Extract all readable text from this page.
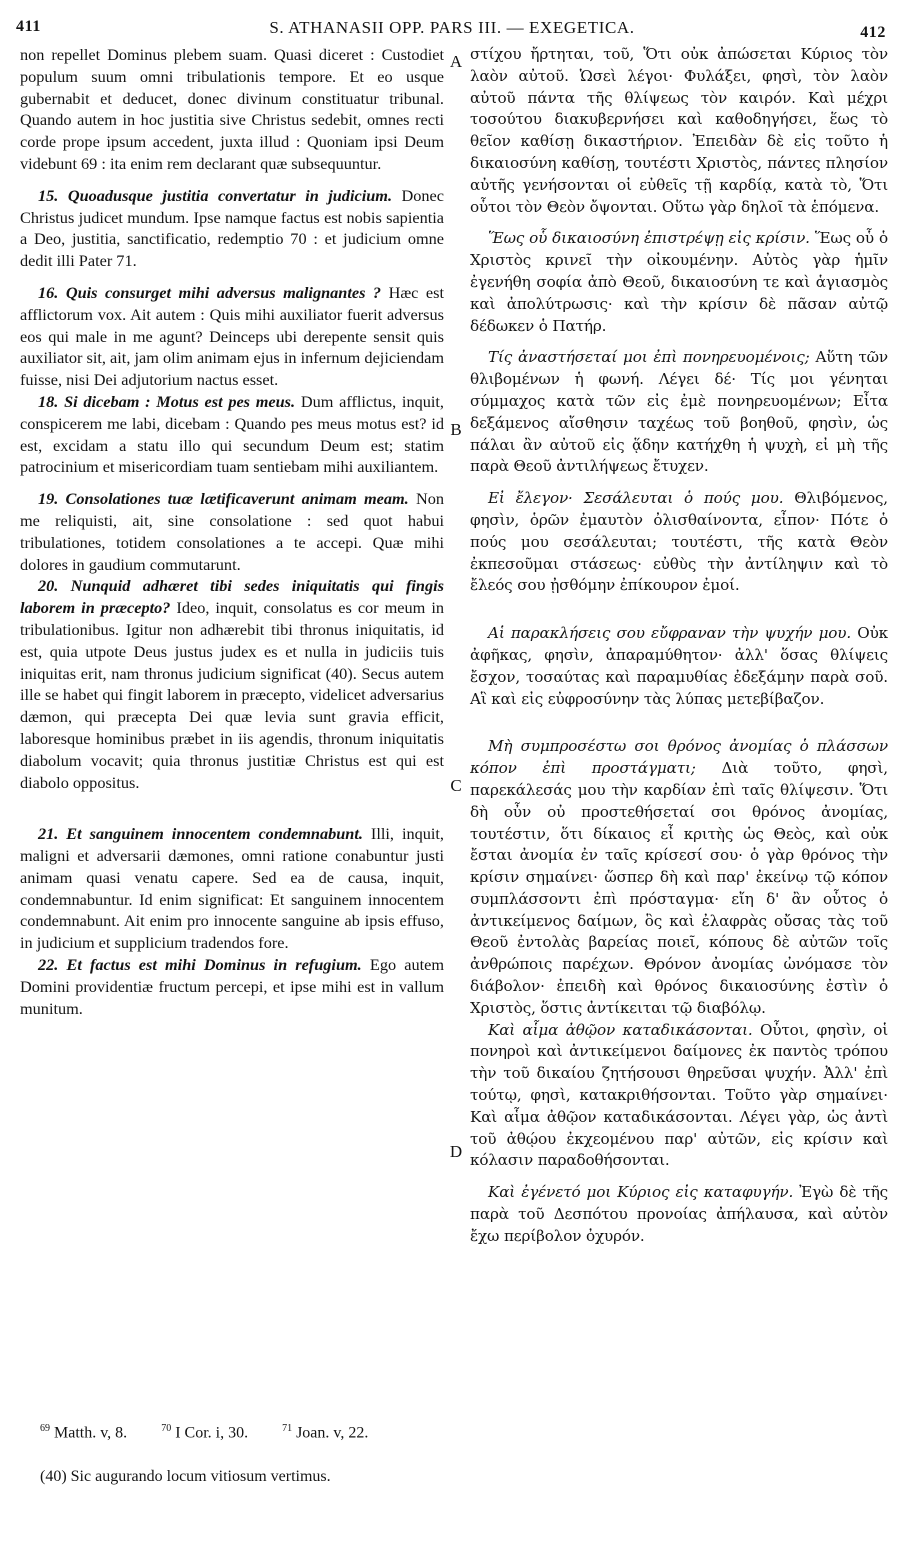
411	S. ATHANASII OPP. PARS III. — EXEGETICA.	412

non repellet Dominus plebem suam. Quasi diceret : Custodiet populum suum omni tribulationis tempore. Et eo usque gubernabit et deducet, donec divinum constituatur tribunal. Quando autem in hoc justitia sive Christus sedebit, omnes recti corde prope ipsum accedent, juxta illud : Quoniam ipsi Deum videbunt 69 : ita enim rem declarant quæ subsequuntur.

15. Quoadusque justitia convertatur in judicium. Donec Christus judicet mundum. Ipse namque factus est nobis sapientia a Deo, justitia, sanctificatio, redemptio 70 : et judicium omne dedit illi Pater 71.

16. Quis consurget mihi adversus malignantes ? Hæc est afflictorum vox. Ait autem : Quis mihi auxiliator fuerit adversus eos qui male in me agunt? Deinceps ubi derepente sensit quis auxiliator sit, ait, jam olim animam ejus in infernum dejiciendam fuisse, nisi Dei adjutorium nactus esset.

18. Si dicebam : Motus est pes meus. Dum afflictus, inquit, conspicerem me labi, dicebam : Quando pes meus motus est? id est, excidam a statu illo qui secundum Deum est; statim patrocinium et misericordiam tuam sentiebam mihi auxiliantem.

19. Consolationes tuæ lætificaverunt animam meam. Non me reliquisti, ait, sine consolatione : sed quot habui tribulationes, totidem consolationes a te accepi. Quæ mihi dolores in gaudium commutarunt.

20. Nunquid adhæret tibi sedes iniquitatis qui fingis laborem in præcepto? Ideo, inquit, consolatus es cor meum in tribulationibus. Igitur non adhærebit tibi thronus iniquitatis, id est, quia utpote Deus justus judex es et nulla in judiciis tuis iniquitas erit, nam thronus judicium significat (40). Secus autem ille se habet qui fingit laborem in præcepto, videlicet adversarius dæmon, qui præcepta Dei quæ levia sunt gravia efficit, laboresque hominibus præbet in iis agendis, thronum iniquitatis diabolum vocavit; quia thronus justitiæ Christus est qui est diabolo oppositus.

21. Et sanguinem innocentem condemnabunt. Illi, inquit, maligni et adversarii dæmones, omni ratione conabuntur justi animam quasi venatu capere. Sed ea de causa, inquit, condemnabuntur. Id enim significat: Et sanguinem innocentem condemnabunt. Ait enim pro innocente sanguine ab ipsis effuso, in judicium et supplicium tradendos fore.

22. Et factus est mihi Dominus in refugium. Ego autem Domini providentiæ fructum percepi, et ipse mihi est in vallum munitum.

A
B
C
D

στίχου ἤρτηται, τοῦ, Ὅτι οὐκ ἀπώσεται Κύριος τὸν λαὸν αὐτοῦ. Ὡσεὶ λέγοι· Φυλάξει, φησὶ, τὸν λαὸν αὐτοῦ πάντα τῆς θλίψεως τὸν καιρόν. Καὶ μέχρι τοσούτου διακυβερνήσει καὶ καθοδηγήσει, ἕως τὸ θεῖον καθίσῃ δικαστήριον. Ἐπειδὰν δὲ εἰς τοῦτο ἡ δικαιοσύνη καθίσῃ, τουτέστι Χριστὸς, πάντες πλησίον αὐτῆς γενήσονται οἱ εὐθεῖς τῇ καρδίᾳ, κατὰ τὸ, Ὅτι οὗτοι τὸν Θεὸν ὄψονται. Οὕτω γὰρ δηλοῖ τὰ ἑπόμενα.

Ἕως οὗ δικαιοσύνη ἐπιστρέψῃ εἰς κρίσιν. Ἕως οὗ ὁ Χριστὸς κρινεῖ τὴν οἰκουμένην. Αὐτὸς γὰρ ἡμῖν ἐγενήθη σοφία ἀπὸ Θεοῦ, δικαιοσύνη τε καὶ ἁγιασμὸς καὶ ἀπολύτρωσις· καὶ τὴν κρίσιν δὲ πᾶσαν αὐτῷ δέδωκεν ὁ Πατήρ.

Τίς ἀναστήσεταί μοι ἐπὶ πονηρευομένοις; Αὕτη τῶν θλιβομένων ἡ φωνή. Λέγει δέ· Τίς μοι γένηται σύμμαχος κατὰ τῶν εἰς ἐμὲ πονηρευομένων; Εἶτα δεξάμενος αἴσθησιν ταχέως τοῦ βοηθοῦ, φησὶν, ὡς πάλαι ἂν αὐτοῦ εἰς ᾅδην κατήχθη ἡ ψυχὴ, εἰ μὴ τῆς παρὰ Θεοῦ ἀντιλήψεως ἔτυχεν.

Εἰ ἔλεγον· Σεσάλευται ὁ πούς μου. Θλιβόμενος, φησὶν, ὁρῶν ἐμαυτὸν ὀλισθαίνοντα, εἶπον· Πότε ὁ πούς μου σεσάλευται; τουτέστι, τῆς κατὰ Θεὸν ἐκπεσοῦμαι στάσεως· εὐθὺς τὴν ἀντίληψιν καὶ τὸ ἔλεός σου ᾐσθόμην ἐπίκουρον ἐμοί.

Αἱ παρακλήσεις σου εὔφραναν τὴν ψυχήν μου. Οὐκ ἀφῆκας, φησὶν, ἀπαραμύθητον· ἀλλ' ὅσας θλίψεις ἔσχον, τοσαύτας καὶ παραμυθίας ἐδεξάμην παρὰ σοῦ. Αἳ καὶ εἰς εὐφροσύνην τὰς λύπας μετεβίβαζον.

Μὴ συμπροσέστω σοι θρόνος ἀνομίας ὁ πλάσσων κόπον ἐπὶ προστάγματι; Διὰ τοῦτο, φησὶ, παρεκάλεσάς μου τὴν καρδίαν ἐπὶ ταῖς θλίψεσιν. Ὅτι δὴ οὖν οὐ προστεθήσεταί σοι θρόνος ἀνομίας, τουτέστιν, ὅτι δίκαιος εἶ κριτὴς ὡς Θεὸς, καὶ οὐκ ἔσται ἀνομία ἐν ταῖς κρίσεσί σου· ὁ γὰρ θρόνος τὴν κρίσιν σημαίνει· ὥσπερ δὴ καὶ παρ' ἐκείνῳ τῷ κόπον συμπλάσσοντι ἐπὶ πρόσταγμα· εἴη δ' ἂν οὗτος ὁ ἀντικείμενος δαίμων, ὃς καὶ ἐλαφρὰς οὔσας τὰς τοῦ Θεοῦ ἐντολὰς βαρείας ποιεῖ, κόπους δὲ αὐτῶν τοῖς ἀνθρώποις παρέχων. Θρόνον ἀνομίας ὠνόμασε τὸν διάβολον· ἐπειδὴ καὶ θρόνος δικαιοσύνης ἐστὶν ὁ Χριστὸς, ὅστις ἀντίκειται τῷ διαβόλῳ.

Καὶ αἷμα ἀθῷον καταδικάσονται. Οὗτοι, φησὶν, οἱ πονηροὶ καὶ ἀντικείμενοι δαίμονες ἐκ παντὸς τρόπου τὴν τοῦ δικαίου ζητήσουσι θηρεῦσαι ψυχήν. Ἀλλ' ἐπὶ τούτῳ, φησὶ, κατακριθήσονται. Τοῦτο γὰρ σημαίνει· Καὶ αἷμα ἀθῷον καταδικάσονται. Λέγει γὰρ, ὡς ἀντὶ τοῦ ἀθῴου ἐκχεομένου παρ' αὐτῶν, εἰς κρίσιν καὶ κόλασιν παραδοθήσονται.

Καὶ ἐγένετό μοι Κύριος εἰς καταφυγήν. Ἐγὼ δὲ τῆς παρὰ τοῦ Δεσπότου προνοίας ἀπήλαυσα, καὶ αὐτὸν ἔχω περίβολον ὀχυρόν.

$^{69}$ Matth. v, 8.	$^{70}$ I Cor. i, 30.	$^{71}$ Joan. v, 22.
(40) Sic augurando locum vitiosum vertimus.
